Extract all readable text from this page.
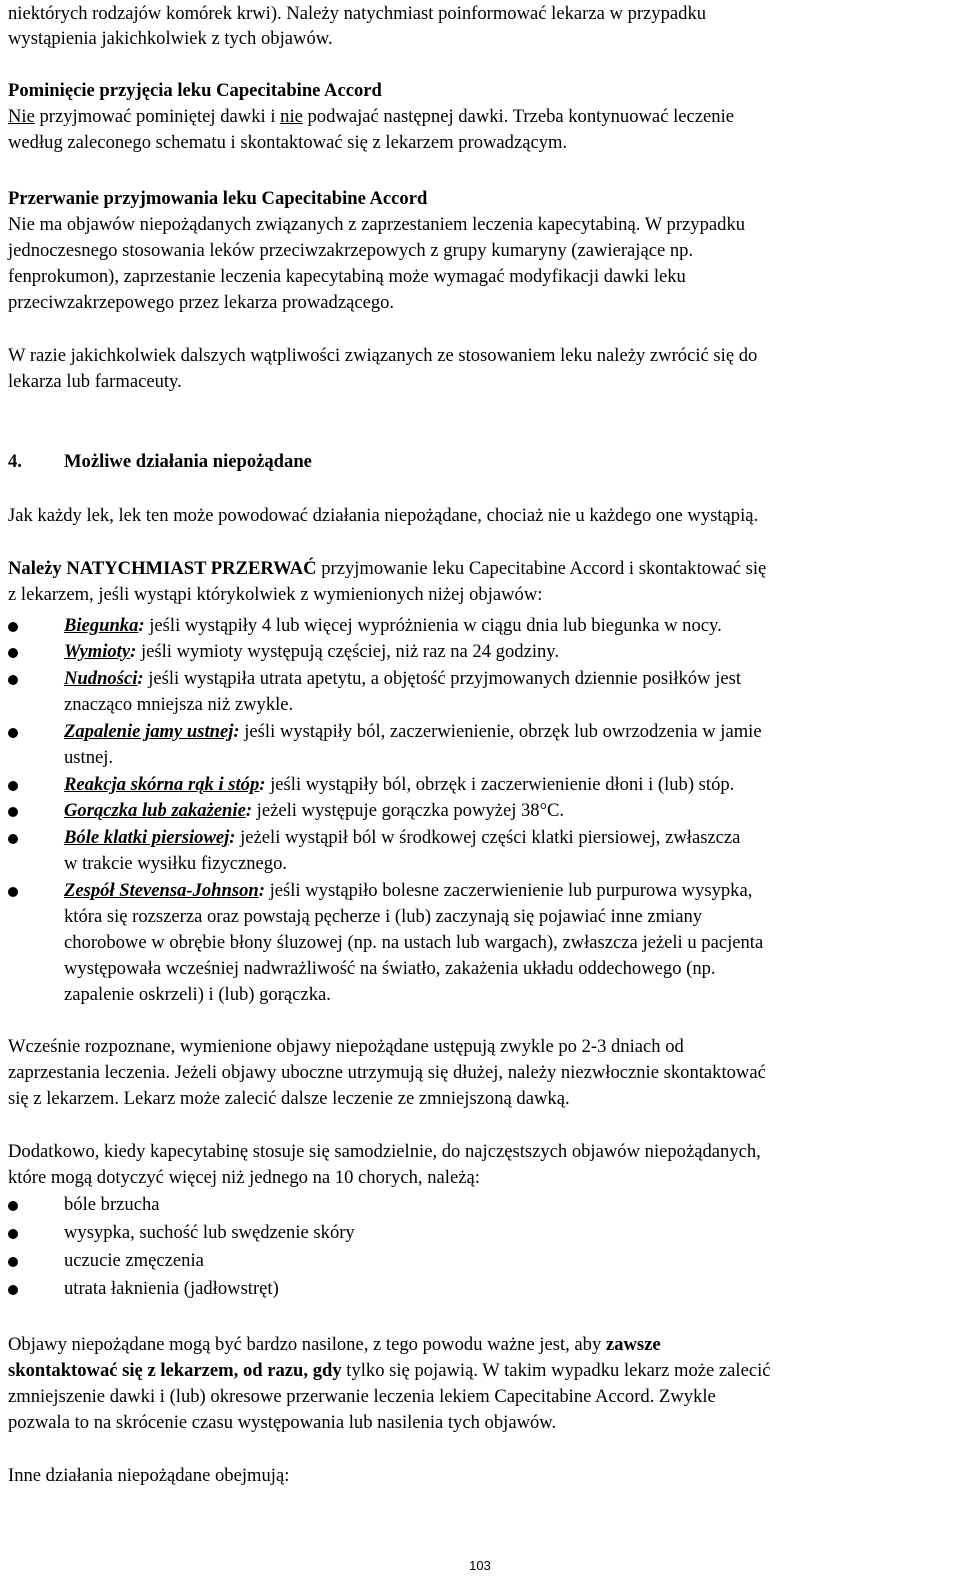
niektórych rodzajów komórek krwi). Należy natychmiast poinformować lekarza w przypadku
wystąpienia jakichkolwiek z tych objawów.
Pominięcie przyjęcia leku Capecitabine Accord
Nie przyjmować pominiętej dawki i nie podwajać następnej dawki. Trzeba kontynuować leczenie
według zaleconego schematu i skontaktować się z lekarzem prowadzącym.
Przerwanie przyjmowania leku Capecitabine Accord
Nie ma objawów niepożądanych związanych z zaprzestaniem leczenia kapecytabiną. W przypadku
jednoczesnego stosowania leków przeciwzakrzepowych z grupy kumaryny (zawierające np.
fenprokumon), zaprzestanie leczenia kapecytabiną może wymagać modyfikacji dawki leku
przeciwzakrzepowego przez lekarza prowadzącego.
W razie jakichkolwiek dalszych wątpliwości związanych ze stosowaniem leku należy zwrócić się do
lekarza lub farmaceuty.
4. Możliwe działania niepożądane
Jak każdy lek, lek ten może powodować działania niepożądane, chociaż nie u każdego one wystąpią.
Należy NATYCHMIAST PRZERWAĆ przyjmowanie leku Capecitabine Accord i skontaktować się
z lekarzem, jeśli wystąpi którykolwiek z wymienionych niżej objawów:
Biegunka: jeśli wystąpiły 4 lub więcej wypróżnienia w ciągu dnia lub biegunka w nocy.
Wymioty: jeśli wymioty występują częściej, niż raz na 24 godziny.
Nudności: jeśli wystąpiła utrata apetytu, a objętość przyjmowanych dziennie posiłków jest
znacząco mniejsza niż zwykle.
Zapalenie jamy ustnej: jeśli wystąpiły ból, zaczerwienienie, obrzęk lub owrzodzenia w jamie
ustnej.
Reakcja skórna rąk i stóp: jeśli wystąpiły ból, obrzęk i zaczerwienienie dłoni i (lub) stóp.
Gorączka lub zakażenie: jeżeli występuje gorączka powyżej 38°C.
Bóle klatki piersiowej: jeżeli wystąpił ból w środkowej części klatki piersiowej, zwłaszcza
w trakcie wysiłku fizycznego.
Zespół Stevensa-Johnson: jeśli wystąpiło bolesne zaczerwienienie lub purpurowa wysypka,
która się rozszerza oraz powstają pęcherze i (lub) zaczynają się pojawiać inne zmiany
chorobowe w obrębie błony śluzowej (np. na ustach lub wargach), zwłaszcza jeżeli u pacjenta
występowała wcześniej nadwrażliwość na światło, zakażenia układu oddechowego (np.
zapalenie oskrzeli) i (lub) gorączka.
Wcześnie rozpoznane, wymienione objawy niepożądane ustępują zwykle po 2-3 dniach od
zaprzestania leczenia. Jeżeli objawy uboczne utrzymują się dłużej, należy niezwłocznie skontaktować
się z lekarzem. Lekarz może zalecić dalsze leczenie ze zmniejszoną dawką.
Dodatkowo, kiedy kapecytabinę stosuje się samodzielnie, do najczęstszych objawów niepożądanych,
które mogą dotyczyć więcej niż jednego na 10 chorych, należą:
bóle brzucha
wysypka, suchość lub swędzenie skóry
uczucie zmęczenia
utrata łaknienia (jadłowstręt)
Objawy niepożądane mogą być bardzo nasilone, z tego powodu ważne jest, aby zawsze
skontaktować się z lekarzem, od razu, gdy tylko się pojawią. W takim wypadku lekarz może zalecić
zmniejszenie dawki i (lub) okresowe przerwanie leczenia lekiem Capecitabine Accord. Zwykle
pozwala to na skrócenie czasu występowania lub nasilenia tych objawów.
Inne działania niepożądane obejmują:
103
